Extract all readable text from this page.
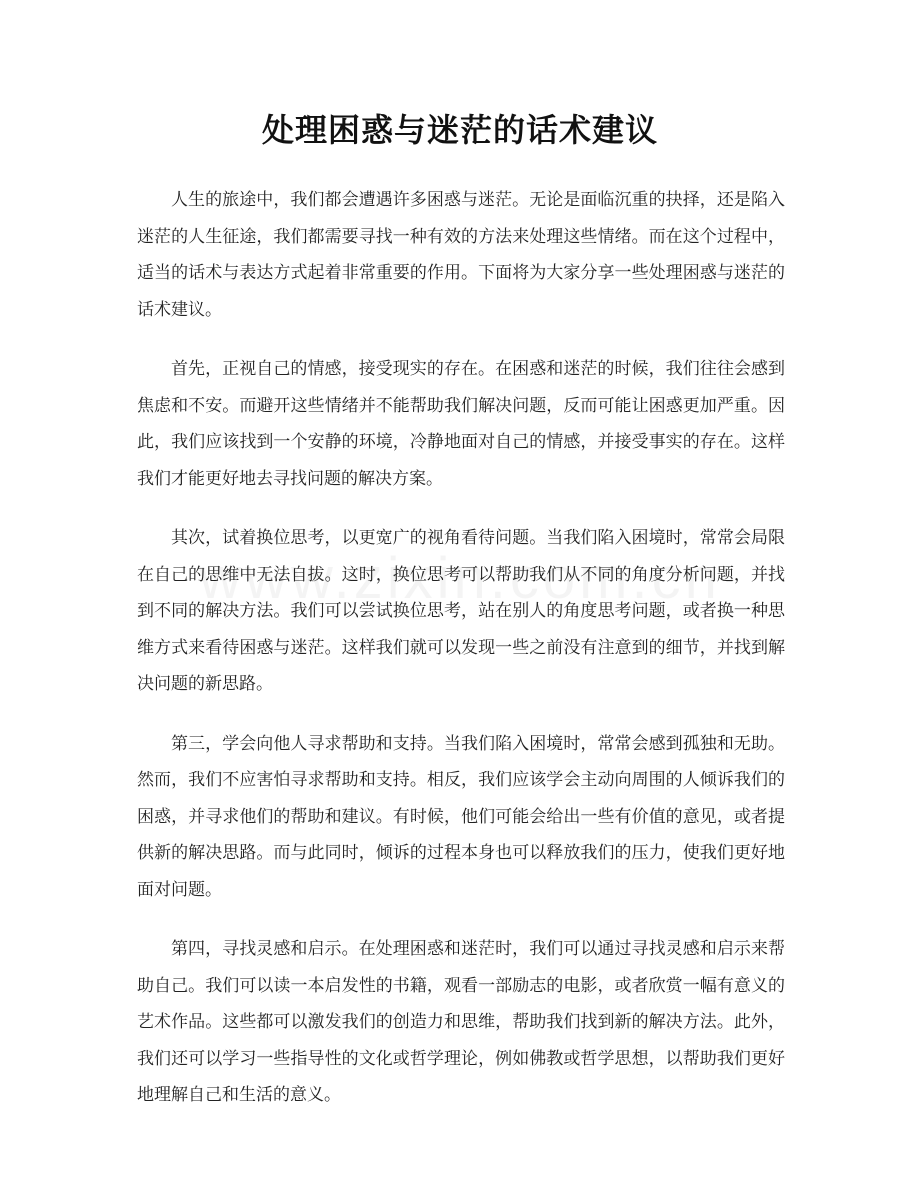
处理困惑与迷茫的话术建议

人生的旅途中，我们都会遭遇许多困惑与迷茫。无论是面临沉重的抉择，还是陷入迷茫的人生征途，我们都需要寻找一种有效的方法来处理这些情绪。而在这个过程中，适当的话术与表达方式起着非常重要的作用。下面将为大家分享一些处理困惑与迷茫的话术建议。

首先，正视自己的情感，接受现实的存在。在困惑和迷茫的时候，我们往往会感到焦虑和不安。而避开这些情绪并不能帮助我们解决问题，反而可能让困惑更加严重。因此，我们应该找到一个安静的环境，冷静地面对自己的情感，并接受事实的存在。这样我们才能更好地去寻找问题的解决方案。

其次，试着换位思考，以更宽广的视角看待问题。当我们陷入困境时，常常会局限在自己的思维中无法自拔。这时，换位思考可以帮助我们从不同的角度分析问题，并找到不同的解决方法。我们可以尝试换位思考，站在别人的角度思考问题，或者换一种思维方式来看待困惑与迷茫。这样我们就可以发现一些之前没有注意到的细节，并找到解决问题的新思路。

第三，学会向他人寻求帮助和支持。当我们陷入困境时，常常会感到孤独和无助。然而，我们不应害怕寻求帮助和支持。相反，我们应该学会主动向周围的人倾诉我们的困惑，并寻求他们的帮助和建议。有时候，他们可能会给出一些有价值的意见，或者提供新的解决思路。而与此同时，倾诉的过程本身也可以释放我们的压力，使我们更好地面对问题。

第四，寻找灵感和启示。在处理困惑和迷茫时，我们可以通过寻找灵感和启示来帮助自己。我们可以读一本启发性的书籍，观看一部励志的电影，或者欣赏一幅有意义的艺术作品。这些都可以激发我们的创造力和思维，帮助我们找到新的解决方法。此外，我们还可以学习一些指导性的文化或哲学理论，例如佛教或哲学思想，以帮助我们更好地理解自己和生活的意义。
